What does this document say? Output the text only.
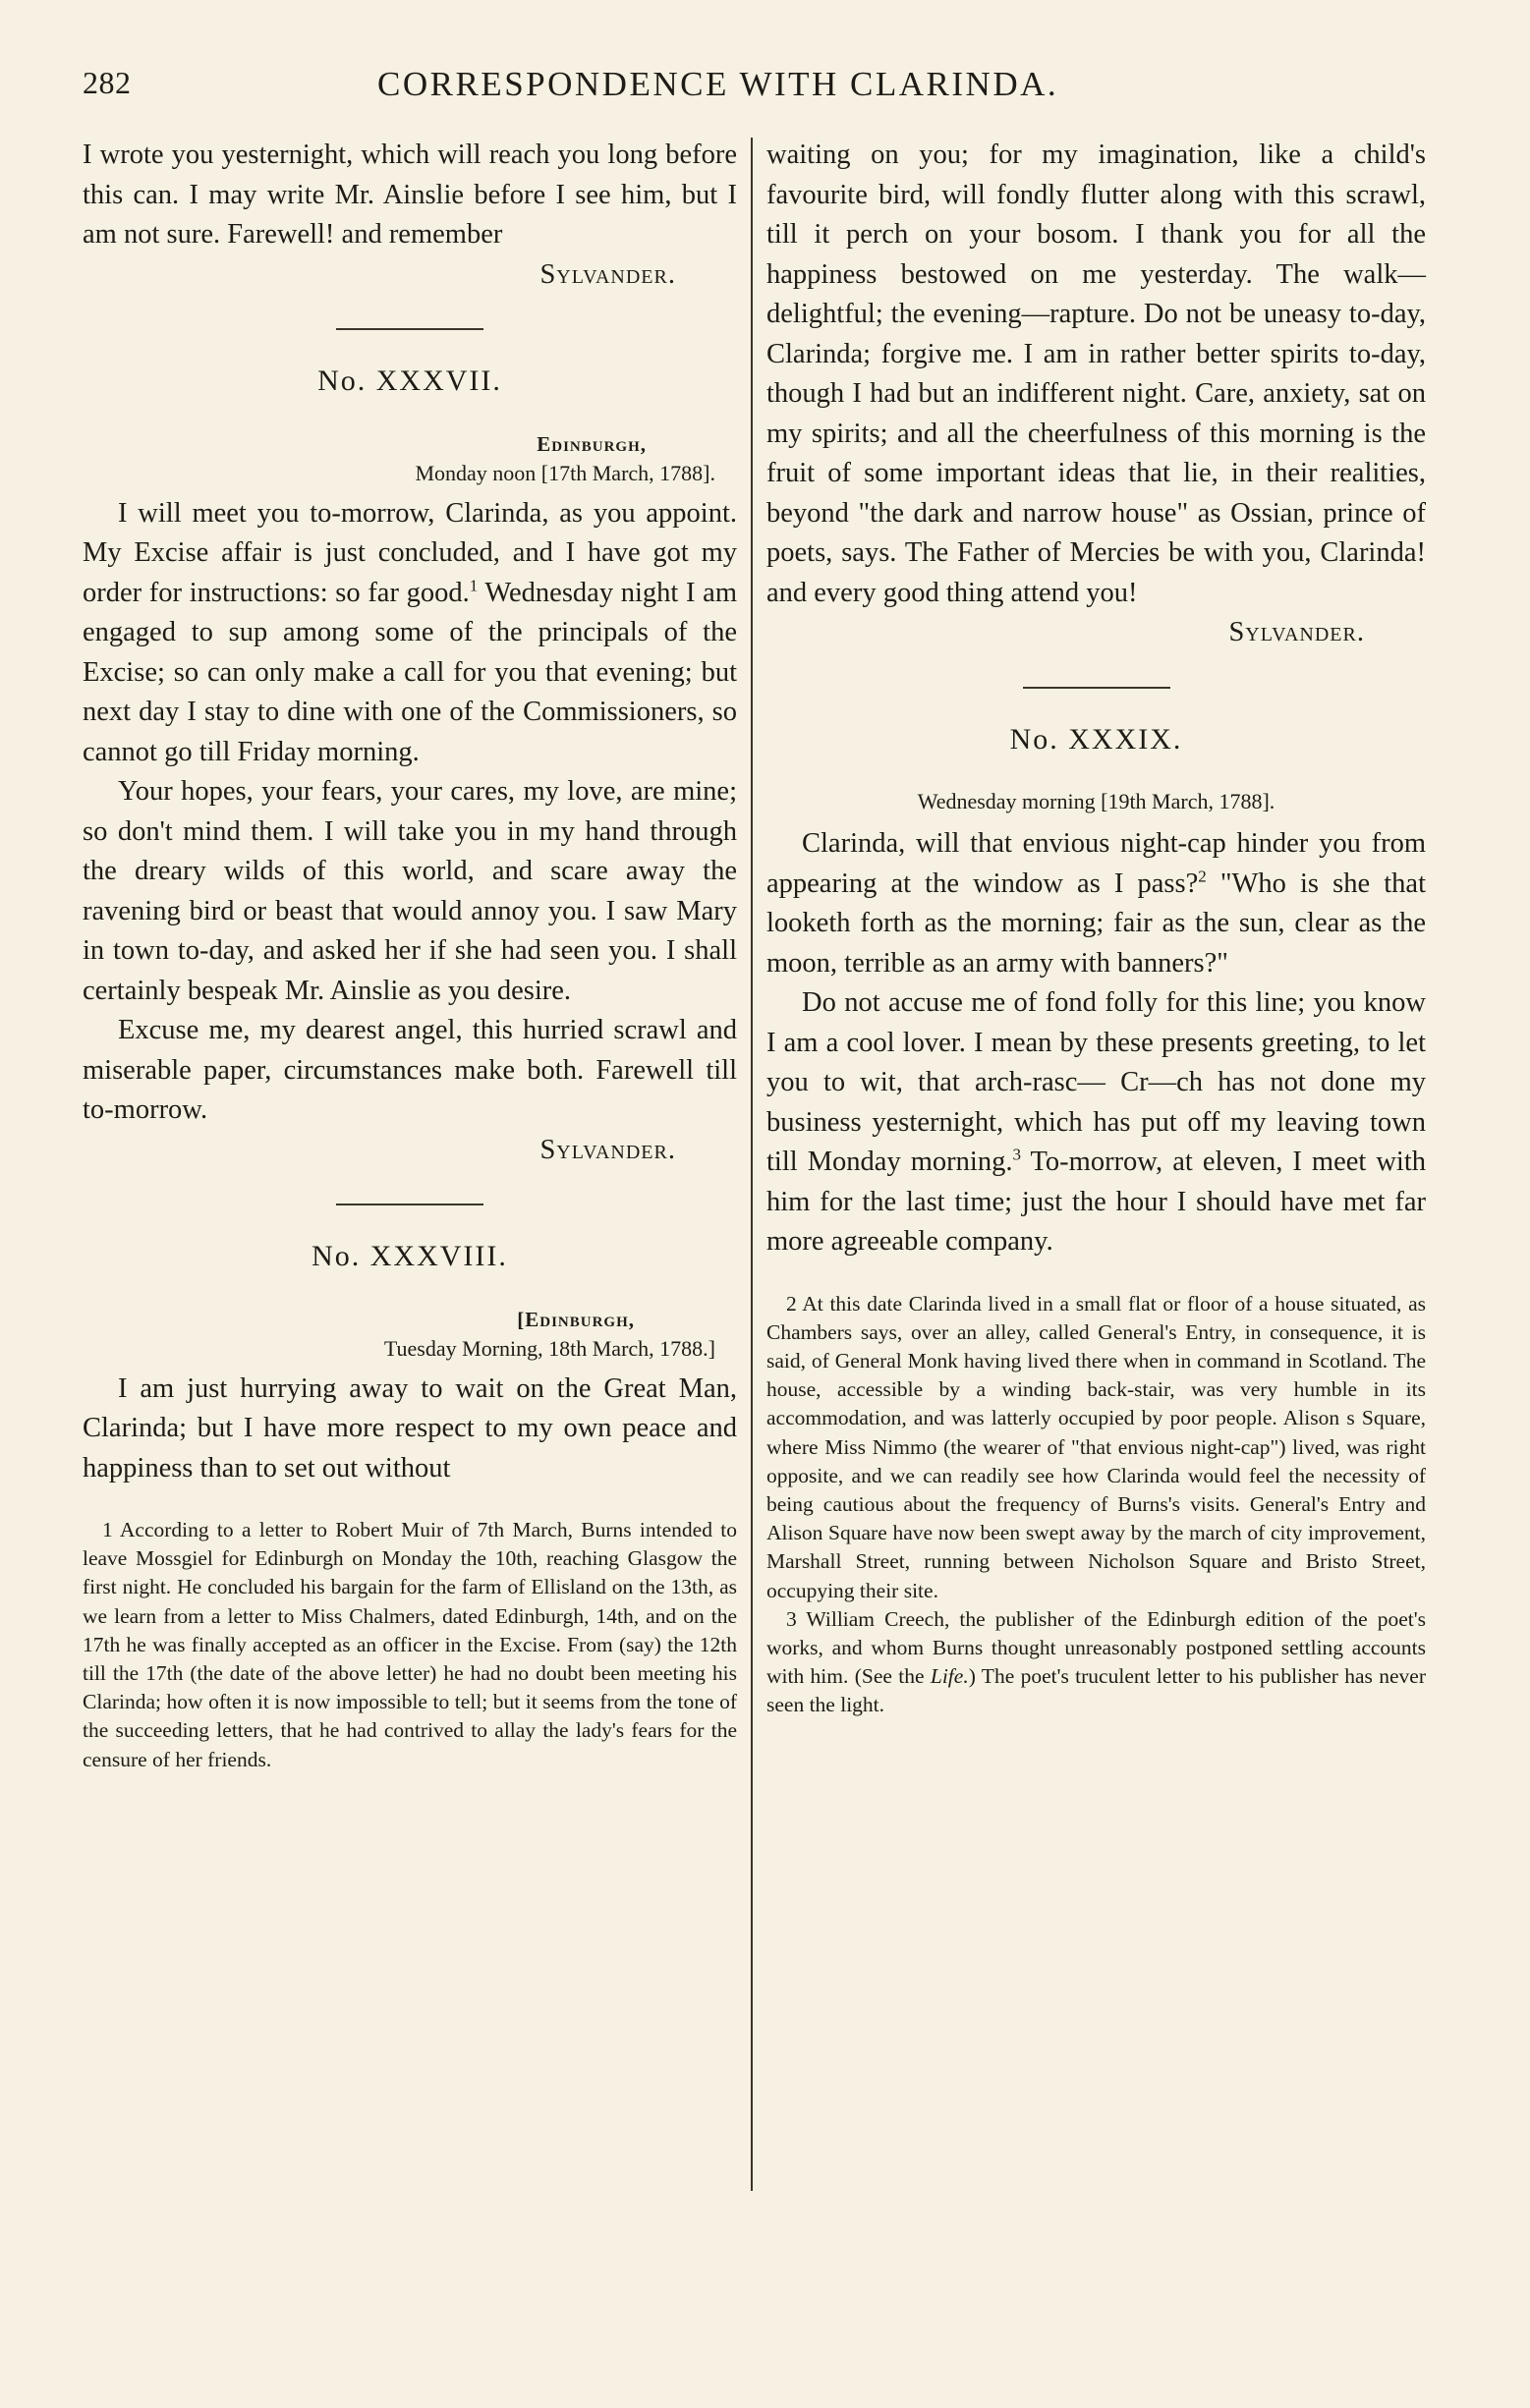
282	CORRESPONDENCE WITH CLARINDA.

I wrote you yesternight, which will reach you long before this can. I may write Mr. Ainslie before I see him, but I am not sure. Farewell! and remember

Sylvander.

No. XXXVII.
Edinburgh,
Monday noon [17th March, 1788].

I will meet you to-morrow, Clarinda, as you appoint. My Excise affair is just concluded, and I have got my order for instructions: so far good.$^1$ Wednesday night I am engaged to sup among some of the principals of the Excise; so can only make a call for you that evening; but next day I stay to dine with one of the Commissioners, so cannot go till Friday morning.

Your hopes, your fears, your cares, my love, are mine; so don't mind them. I will take you in my hand through the dreary wilds of this world, and scare away the ravening bird or beast that would annoy you. I saw Mary in town to-day, and asked her if she had seen you. I shall certainly bespeak Mr. Ainslie as you desire.

Excuse me, my dearest angel, this hurried scrawl and miserable paper, circumstances make both. Farewell till to-morrow.

Sylvander.

No. XXXVIII.
[Edinburgh,
Tuesday Morning, 18th March, 1788.]

I am just hurrying away to wait on the Great Man, Clarinda; but I have more respect to my own peace and happiness than to set out without

1 According to a letter to Robert Muir of 7th March, Burns intended to leave Mossgiel for Edinburgh on Monday the 10th, reaching Glasgow the first night. He concluded his bargain for the farm of Ellisland on the 13th, as we learn from a letter to Miss Chalmers, dated Edinburgh, 14th, and on the 17th he was finally accepted as an officer in the Excise. From (say) the 12th till the 17th (the date of the above letter) he had no doubt been meeting his Clarinda; how often it is now impossible to tell; but it seems from the tone of the succeeding letters, that he had contrived to allay the lady's fears for the censure of her friends.

waiting on you; for my imagination, like a child's favourite bird, will fondly flutter along with this scrawl, till it perch on your bosom. I thank you for all the happiness bestowed on me yesterday. The walk—delightful; the evening—rapture. Do not be uneasy to-day, Clarinda; forgive me. I am in rather better spirits to-day, though I had but an indifferent night. Care, anxiety, sat on my spirits; and all the cheerfulness of this morning is the fruit of some important ideas that lie, in their realities, beyond "the dark and narrow house" as Ossian, prince of poets, says. The Father of Mercies be with you, Clarinda! and every good thing attend you!

Sylvander.

No. XXXIX.
Wednesday morning [19th March, 1788].

Clarinda, will that envious night-cap hinder you from appearing at the window as I pass?$^2$ "Who is she that looketh forth as the morning; fair as the sun, clear as the moon, terrible as an army with banners?"

Do not accuse me of fond folly for this line; you know I am a cool lover. I mean by these presents greeting, to let you to wit, that arch-rasc— Cr—ch has not done my business yesternight, which has put off my leaving town till Monday morning.$^3$ To-morrow, at eleven, I meet with him for the last time; just the hour I should have met far more agreeable company.

2 At this date Clarinda lived in a small flat or floor of a house situated, as Chambers says, over an alley, called General's Entry, in consequence, it is said, of General Monk having lived there when in command in Scotland. The house, accessible by a winding back-stair, was very humble in its accommodation, and was latterly occupied by poor people. Alison s Square, where Miss Nimmo (the wearer of "that envious night-cap") lived, was right opposite, and we can readily see how Clarinda would feel the necessity of being cautious about the frequency of Burns's visits. General's Entry and Alison Square have now been swept away by the march of city improvement, Marshall Street, running between Nicholson Square and Bristo Street, occupying their site.

3 William Creech, the publisher of the Edinburgh edition of the poet's works, and whom Burns thought unreasonably postponed settling accounts with him. (See the Life.) The poet's truculent letter to his publisher has never seen the light.
